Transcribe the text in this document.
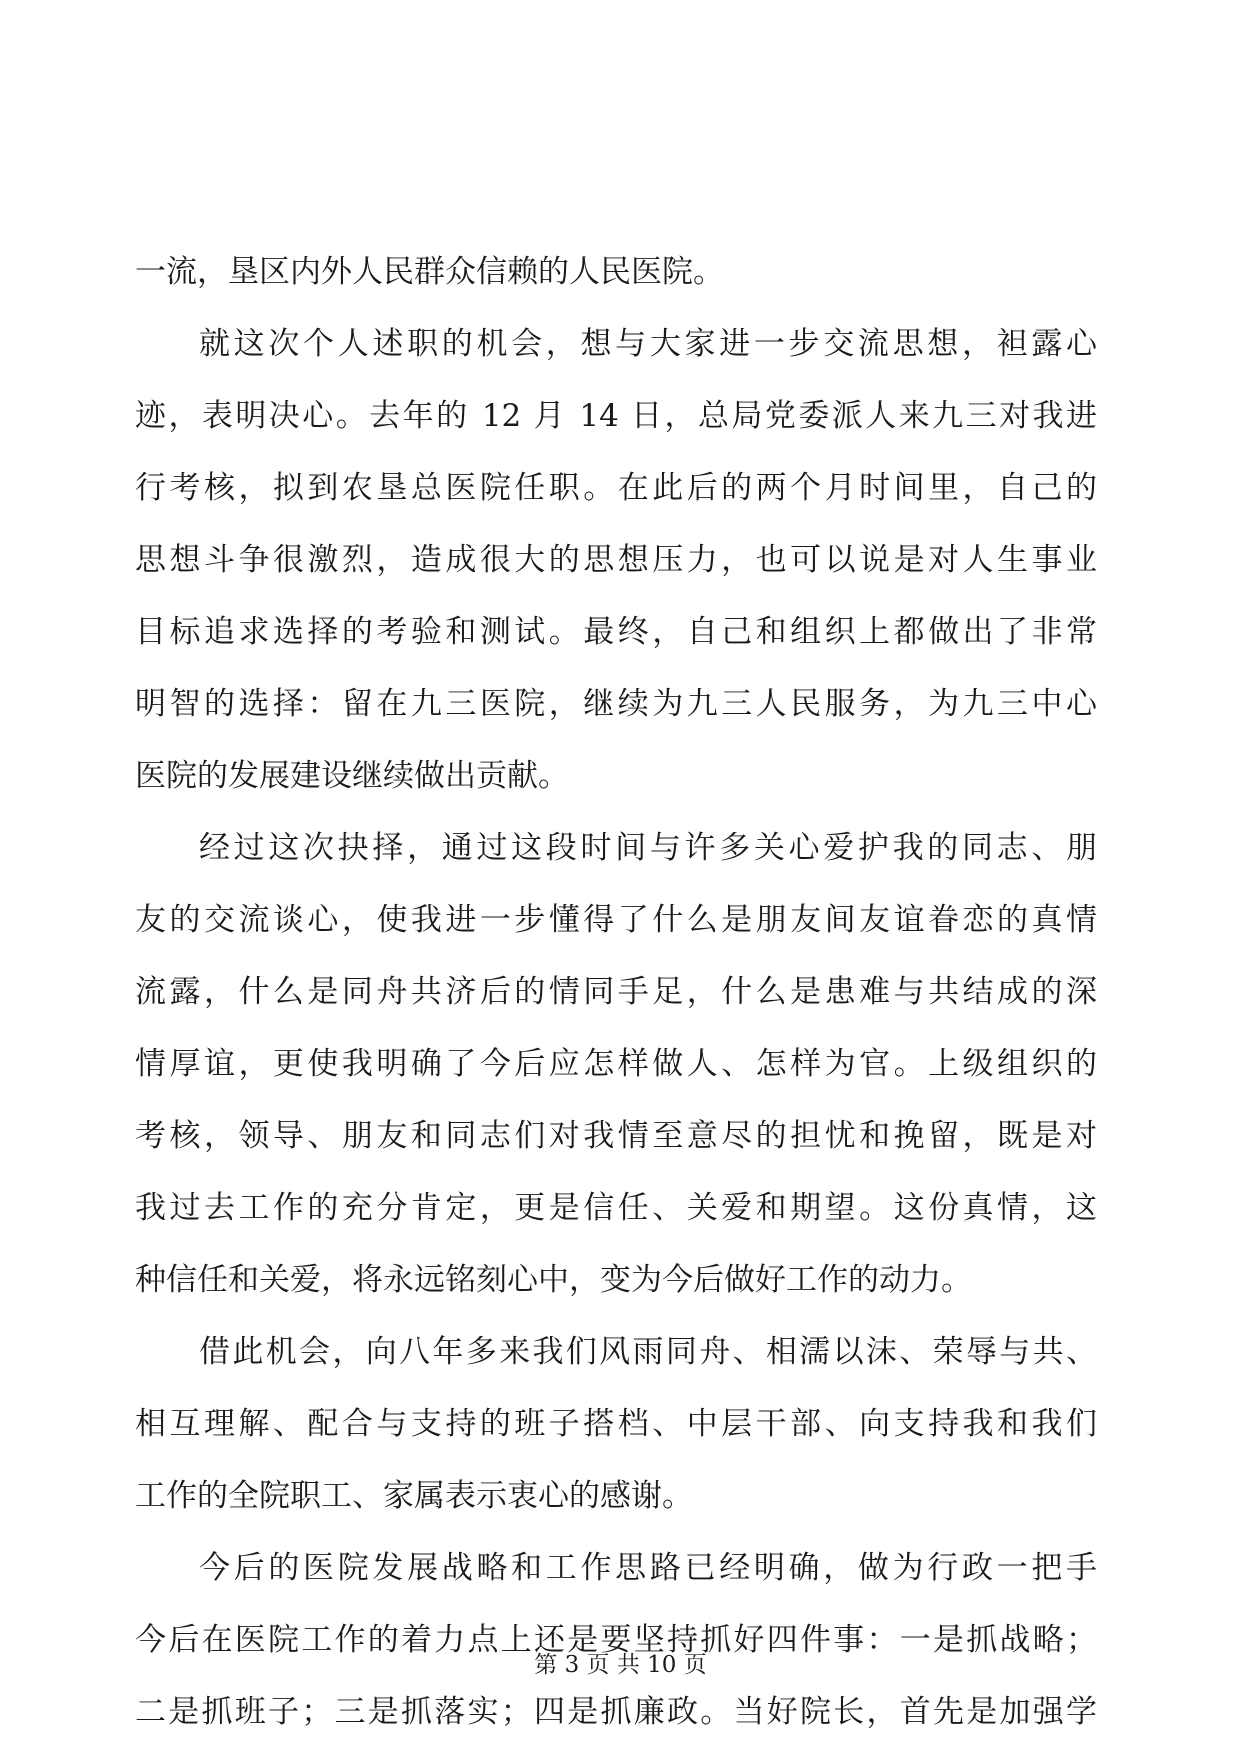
一流，垦区内外人民群众信赖的人民医院。
就这次个人述职的机会，想与大家进一步交流思想，袒露心
迹，表明决心。去年的 12 月 14 日，总局党委派人来九三对我进
行考核，拟到农垦总医院任职。在此后的两个月时间里，自己的
思想斗争很激烈，造成很大的思想压力，也可以说是对人生事业
目标追求选择的考验和测试。最终，自己和组织上都做出了非常
明智的选择：留在九三医院，继续为九三人民服务，为九三中心
医院的发展建设继续做出贡献。
经过这次抉择，通过这段时间与许多关心爱护我的同志、朋
友的交流谈心，使我进一步懂得了什么是朋友间友谊眷恋的真情
流露，什么是同舟共济后的情同手足，什么是患难与共结成的深
情厚谊，更使我明确了今后应怎样做人、怎样为官。上级组织的
考核，领导、朋友和同志们对我情至意尽的担忧和挽留，既是对
我过去工作的充分肯定，更是信任、关爱和期望。这份真情，这
种信任和关爱，将永远铭刻心中，变为今后做好工作的动力。
借此机会，向八年多来我们风雨同舟、相濡以沫、荣辱与共、
相互理解、配合与支持的班子搭档、中层干部、向支持我和我们
工作的全院职工、家属表示衷心的感谢。
今后的医院发展战略和工作思路已经明确，做为行政一把手
今后在医院工作的着力点上还是要坚持抓好四件事：一是抓战略；
二是抓班子；三是抓落实；四是抓廉政。当好院长，首先是加强学
第 3 页 共 10 页
